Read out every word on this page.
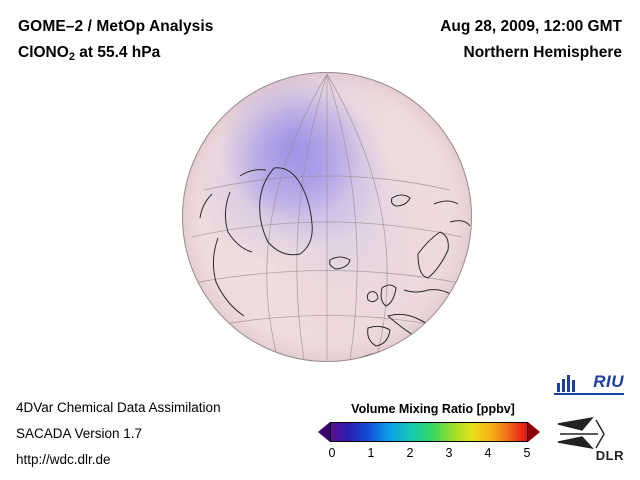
GOME–2 / MetOp Analysis
ClONO$_2$ at 55.4 hPa
Aug 28, 2009, 12:00 GMT
Northern Hemisphere
4DVar Chemical Data Assimilation
SACADA Version 1.7
http://wdc.dlr.de
Volume Mixing Ratio [ppbv]
0	1	2	3	4	5
RIU
DLR
